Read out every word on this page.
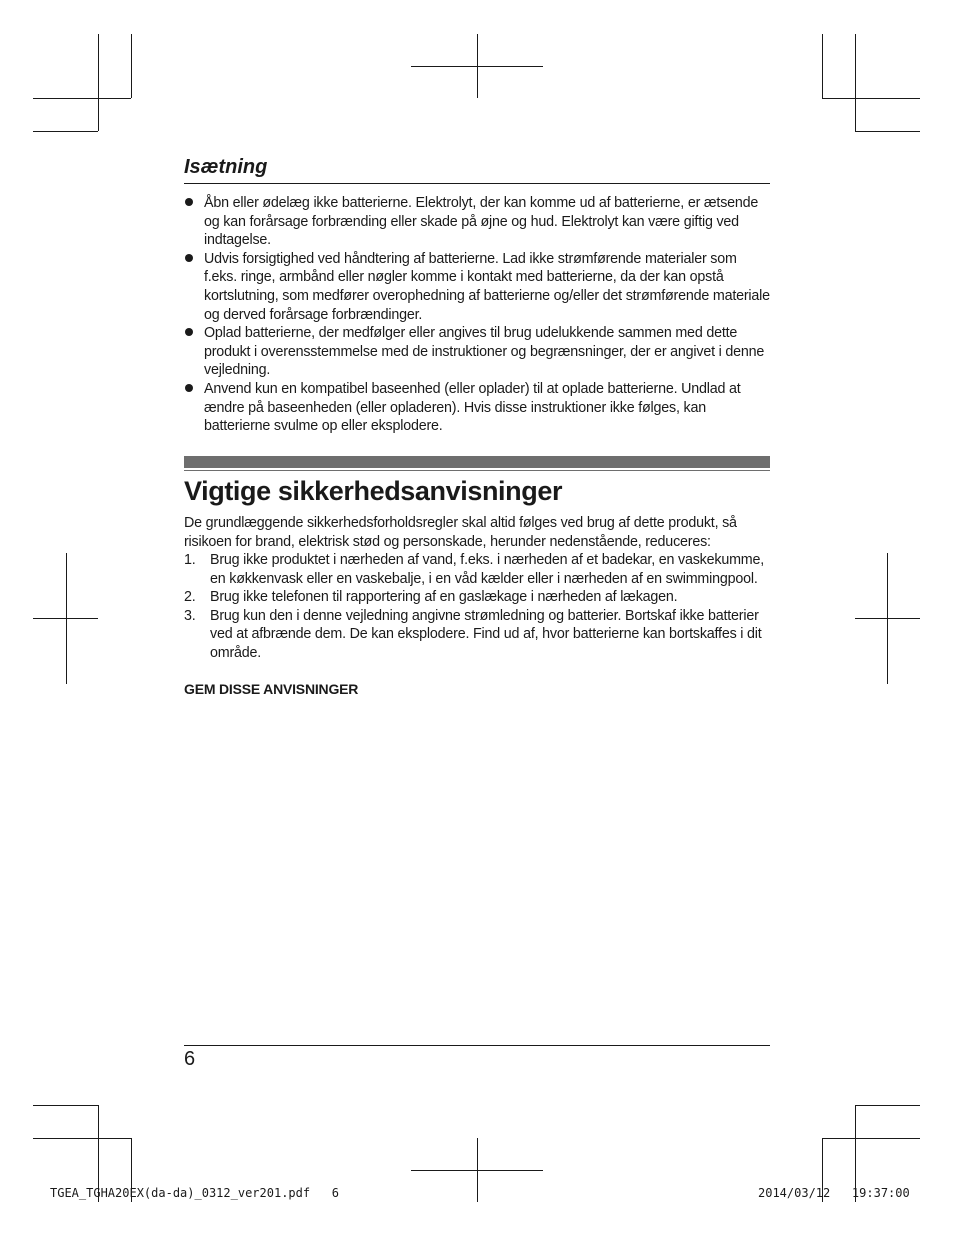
Isætning
Åbn eller ødelæg ikke batterierne. Elektrolyt, der kan komme ud af batterierne, er ætsende og kan forårsage forbrænding eller skade på øjne og hud. Elektrolyt kan være giftig ved indtagelse.
Udvis forsigtighed ved håndtering af batterierne. Lad ikke strømførende materialer som f.eks. ringe, armbånd eller nøgler komme i kontakt med batterierne, da der kan opstå kortslutning, som medfører overophedning af batterierne og/eller det strømførende materiale og derved forårsage forbrændinger.
Oplad batterierne, der medfølger eller angives til brug udelukkende sammen med dette produkt i overensstemmelse med de instruktioner og begrænsninger, der er angivet i denne vejledning.
Anvend kun en kompatibel baseenhed (eller oplader) til at oplade batterierne. Undlad at ændre på baseenheden (eller opladeren). Hvis disse instruktioner ikke følges, kan batterierne svulme op eller eksplodere.
Vigtige sikkerhedsanvisninger
De grundlæggende sikkerhedsforholdsregler skal altid følges ved brug af dette produkt, så risikoen for brand, elektrisk stød og personskade, herunder nedenstående, reduceres:
1. Brug ikke produktet i nærheden af vand, f.eks. i nærheden af et badekar, en vaskekumme, en køkkenvask eller en vaskebalje, i en våd kælder eller i nærheden af en swimmingpool.
2. Brug ikke telefonen til rapportering af en gaslækage i nærheden af lækagen.
3. Brug kun den i denne vejledning angivne strømledning og batterier. Bortskaf ikke batterier ved at afbrænde dem. De kan eksplodere. Find ud af, hvor batterierne kan bortskaffes i dit område.
GEM DISSE ANVISNINGER
6
TGEA_TGHA20EX(da-da)_0312_ver201.pdf   6	2014/03/12   19:37:00
